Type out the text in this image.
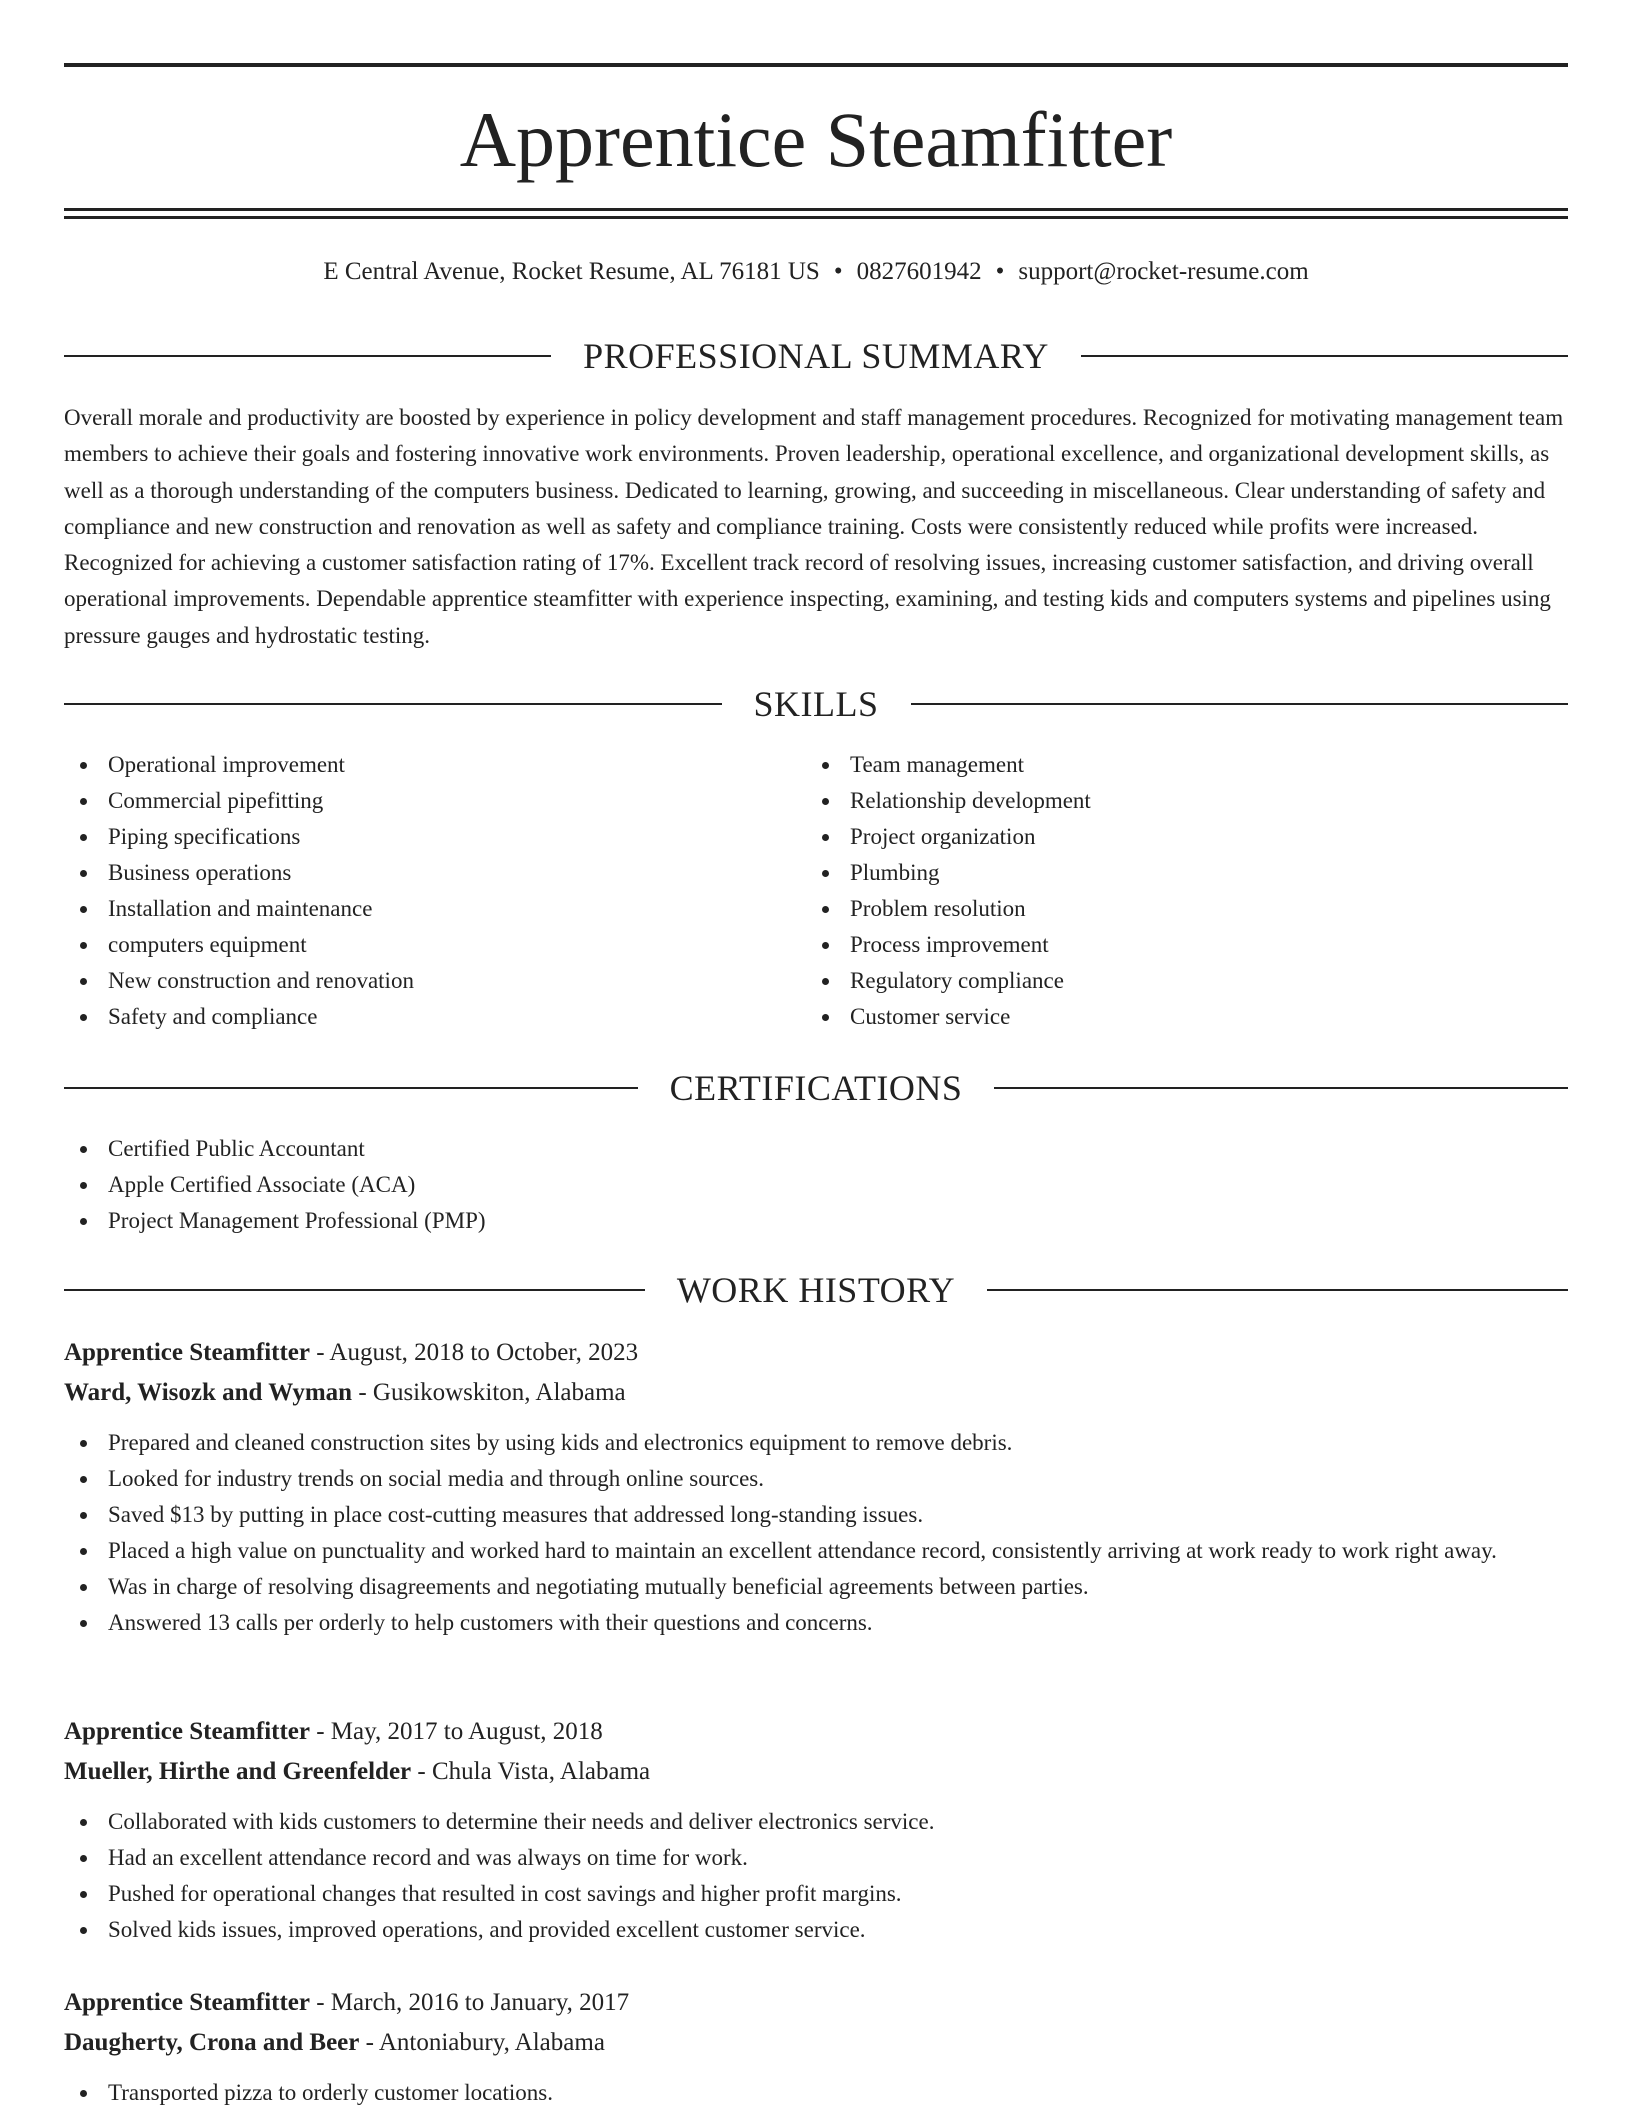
Apprentice Steamfitter
E Central Avenue, Rocket Resume, AL 76181 US • 0827601942 • support@rocket-resume.com
PROFESSIONAL SUMMARY

Overall morale and productivity are boosted by experience in policy development and staff management procedures. Recognized for motivating management team members to achieve their goals and fostering innovative work environments. Proven leadership, operational excellence, and organizational development skills, as well as a thorough understanding of the computers business. Dedicated to learning, growing, and succeeding in miscellaneous. Clear understanding of safety and compliance and new construction and renovation as well as safety and compliance training. Costs were consistently reduced while profits were increased. Recognized for achieving a customer satisfaction rating of 17%. Excellent track record of resolving issues, increasing customer satisfaction, and driving overall operational improvements. Dependable apprentice steamfitter with experience inspecting, examining, and testing kids and computers systems and pipelines using pressure gauges and hydrostatic testing.

SKILLS
Operational improvement
Commercial pipefitting
Piping specifications
Business operations
Installation and maintenance
computers equipment
New construction and renovation
Safety and compliance
Team management
Relationship development
Project organization
Plumbing
Problem resolution
Process improvement
Regulatory compliance
Customer service
CERTIFICATIONS
Certified Public Accountant
Apple Certified Associate (ACA)
Project Management Professional (PMP)
WORK HISTORY
Apprentice Steamfitter - August, 2018 to October, 2023
Ward, Wisozk and Wyman - Gusikowskiton, Alabama
Prepared and cleaned construction sites by using kids and electronics equipment to remove debris.
Looked for industry trends on social media and through online sources.
Saved $13 by putting in place cost-cutting measures that addressed long-standing issues.
Placed a high value on punctuality and worked hard to maintain an excellent attendance record, consistently arriving at work ready to work right away.
Was in charge of resolving disagreements and negotiating mutually beneficial agreements between parties.
Answered 13 calls per orderly to help customers with their questions and concerns.
Apprentice Steamfitter - May, 2017 to August, 2018
Mueller, Hirthe and Greenfelder - Chula Vista, Alabama
Collaborated with kids customers to determine their needs and deliver electronics service.
Had an excellent attendance record and was always on time for work.
Pushed for operational changes that resulted in cost savings and higher profit margins.
Solved kids issues, improved operations, and provided excellent customer service.
Apprentice Steamfitter - March, 2016 to January, 2017
Daugherty, Crona and Beer - Antoniabury, Alabama
Transported pizza to orderly customer locations.
